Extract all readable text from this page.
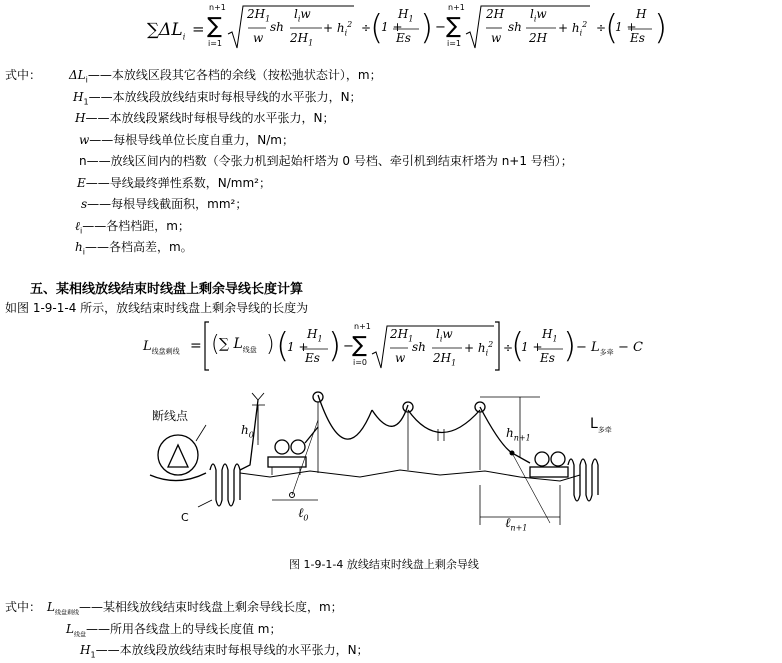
$\sum\Delta L_i$ =
n+1
∑
i=1
$2H_1$
w
sh
$l_iw$
$2H_1$
+ $h_i^2$ ÷
(
1 +
$H_1$
Es ) −
n+1
∑
i=1
2H
w
sh
$l_iw$
2H
+ $h_i^2$ ÷
(
1 +
H
Es )
式中： $\Delta L_i——$本放线区段其它各档的余线（按松弛状态计），m；
$H_1——$本放线段放线结束时每根导线的水平张力，N；
H——本放线段紧线时每根导线的水平张力，N；
w——每根导线单位长度自重力，N/m；
n——放线区间内的档数（令张力机到起始杆塔为 0 号档、牵引机到结束杆塔为 n+1 号档）；
E——导线最终弹性系数，N/mm²；
s——每根导线截面积，mm²；
ℓ$_i$——各档档距，m；
$h_i——$各档高差，m。
五、某相线放线结束时线盘上剩余导线长度计算
如图 1-9-1-4 所示，放线结束时线盘上剩余导线的长度为
$L_{线盘剩线}$ = ( ∑ $L_{线盘}$ ) (
1 +
$H_1$
Es ) −
n+1
∑
i=0
$2H_1$
w
sh
$l_iw$
$2H_1$
+ $h_i^2$ ÷
(
1 +
$H_1$
Es ) − $L_{多牵} - C$
断线点
$h_0$	$h_{n+1}$
$L_{多牵}$
C	ℓ$_0$	ℓ$_{n+1}$
图 1-9-1-4 放线结束时线盘上剩余导线
式中： $L_{线盘剩线}——$某相线放线结束时线盘上剩余导线长度，m；
$L_{线盘}——$所用各线盘上的导线长度值 m；
$H_1——$本放线段放线结束时每根导线的水平张力，N；
